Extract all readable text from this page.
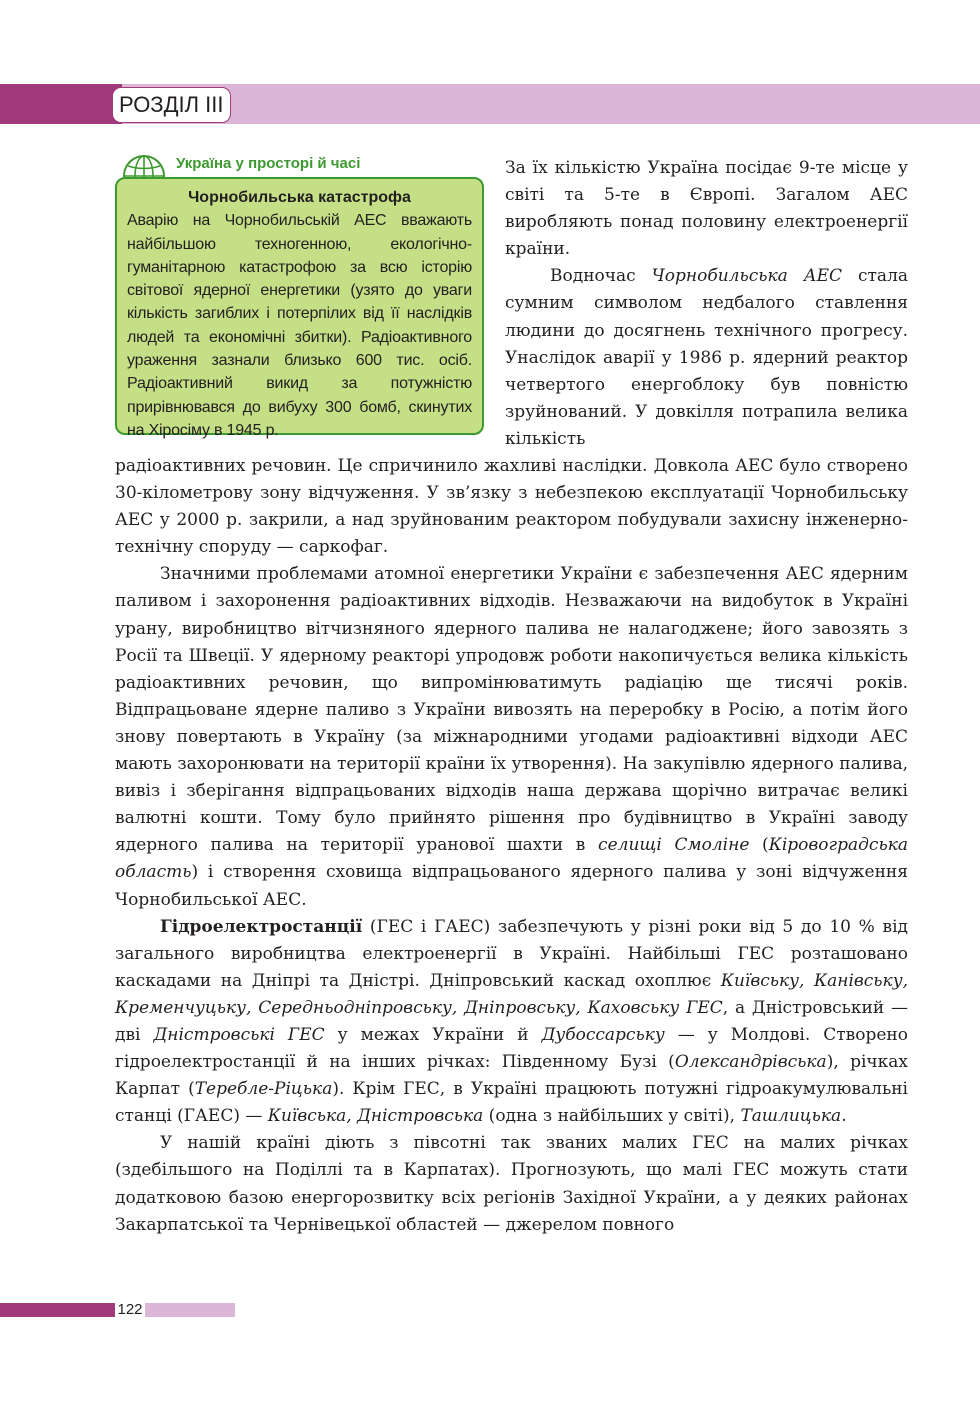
РОЗДІЛ III
Україна у просторі й часі

Чорнобильська катастрофа

Аварію на Чорнобильській АЕС вважають найбільшою техногенною, екологічно-гуманітарною катастрофою за всю історію світової ядерної енергетики (узято до уваги кількість загиблих і потерпілих від її наслідків людей та економічні збитки). Радіоактивного ураження зазнали близько 600 тис. осіб. Радіоактивний викид за потужністю прирівнювався до вибуху 300 бомб, скинутих на Хіросіму в 1945 р.

За їх кількістю Україна посідає 9-те місце у світі та 5-те в Європі. Загалом АЕС виробляють понад половину електроенергії країни.

Водночас Чорнобильська АЕС стала сумним символом недбалого ставлення людини до досягнень технічного прогресу. Унаслідок аварії у 1986 р. ядерний реактор четвертого енергоблоку був повністю зруйнований. У довкілля потрапила велика кількість

радіоактивних речовин. Це спричинило жахливі наслідки. Довкола АЕС було створено 30-кілометрову зону відчуження. У зв’язку з небезпекою експлуатації Чорнобильську АЕС у 2000 р. закрили, а над зруйнованим реактором побудували захисну інженерно-технічну споруду — саркофаг.

Значними проблемами атомної енергетики України є забезпечення АЕС ядерним паливом і захоронення радіоактивних відходів. Незважаючи на видобуток в Україні урану, виробництво вітчизняного ядерного палива не налагоджене; його завозять з Росії та Швеції. У ядерному реакторі упродовж роботи накопичується велика кількість радіоактивних речовин, що випромінюватимуть радіацію ще тисячі років. Відпрацьоване ядерне паливо з України вивозять на переробку в Росію, а потім його знову повертають в Україну (за міжнародними угодами радіоактивні відходи АЕС мають захоронювати на території країни їх утворення). На закупівлю ядерного палива, вивіз і зберігання відпрацьованих відходів наша держава щорічно витрачає великі валютні кошти. Тому було прийнято рішення про будівництво в Україні заводу ядерного палива на території уранової шахти в селищі Смоліне (Кіровоградська область) і створення сховища відпрацьованого ядерного палива у зоні відчуження Чорнобильської АЕС.

Гідроелектростанції (ГЕС і ГАЕС) забезпечують у різні роки від 5 до 10 % від загального виробництва електроенергії в Україні. Найбільші ГЕС розташовано каскадами на Дніпрі та Дністрі. Дніпровський каскад охоплює Київську, Канівську, Кременчуцьку, Середньодніпровську, Дніпровську, Каховську ГЕС, а Дністровський — дві Дністровські ГЕС у межах України й Дубоссарську — у Молдові. Створено гідроелектростанції й на інших річках: Південному Бузі (Олександрівська), річках Карпат (Теребле-Ріцька). Крім ГЕС, в Україні працюють потужні гідроакумулювальні станці (ГАЕС) — Київська, Дністровська (одна з найбільших у світі), Ташлицька.

У нашій країні діють з півсотні так званих малих ГЕС на малих річках (здебільшого на Поділлі та в Карпатах). Прогнозують, що малі ГЕС можуть стати додатковою базою енергорозвитку всіх регіонів Західної України, а у деяких районах Закарпатської та Чернівецької областей — джерелом повного

122
